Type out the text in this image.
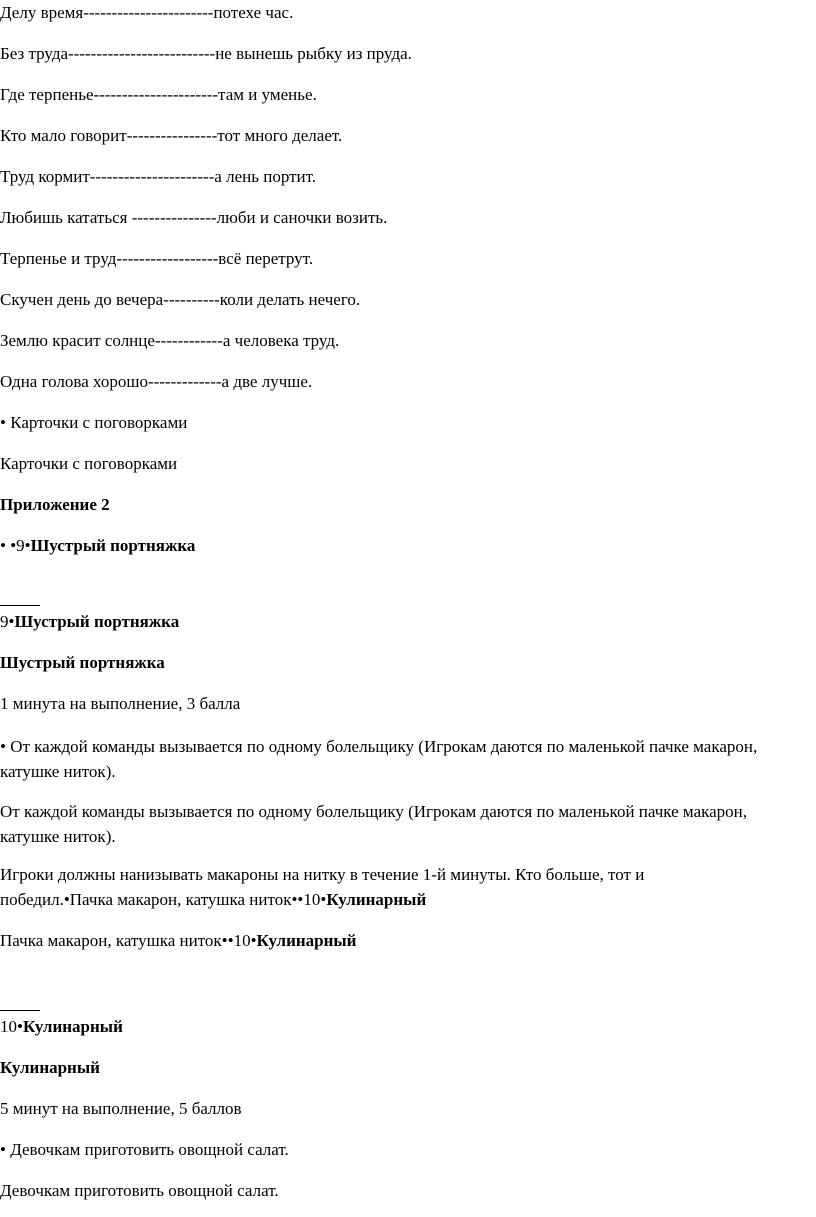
Делу время-----------------------потехе час.
Без труда--------------------------не вынешь рыбку из пруда.
Где терпенье----------------------там и уменье.
Кто мало говорит----------------тот много делает.
Труд кормит----------------------а лень портит.
Любишь кататься ---------------люби и саночки возить.
Терпенье и труд------------------всё перетрут.
Скучен день до вечера----------коли делать нечего.
Землю красит солнце------------а человека труд.
Одна голова хорошо-------------а две лучше.
• Карточки с поговорками
Карточки с поговорками
Приложение 2
• •9•Шустрый портняжка
9•Шустрый портняжка
Шустрый портняжка
1 минута на выполнение, 3 балла
• От каждой команды вызывается по одному болельщику (Игрокам даются по маленькой пачке макарон, катушке ниток).
От каждой команды вызывается по одному болельщику (Игрокам даются по маленькой пачке макарон, катушке ниток).
Игроки должны нанизывать макароны на нитку в течение 1-й минуты. Кто больше, тот и
победил.•Пачка макарон, катушка ниток••10•Кулинарный
Пачка макарон, катушка ниток••10•Кулинарный
10•Кулинарный
Кулинарный
5 минут на выполнение, 5 баллов
• Девочкам приготовить овощной салат.
Девочкам приготовить овощной салат.
